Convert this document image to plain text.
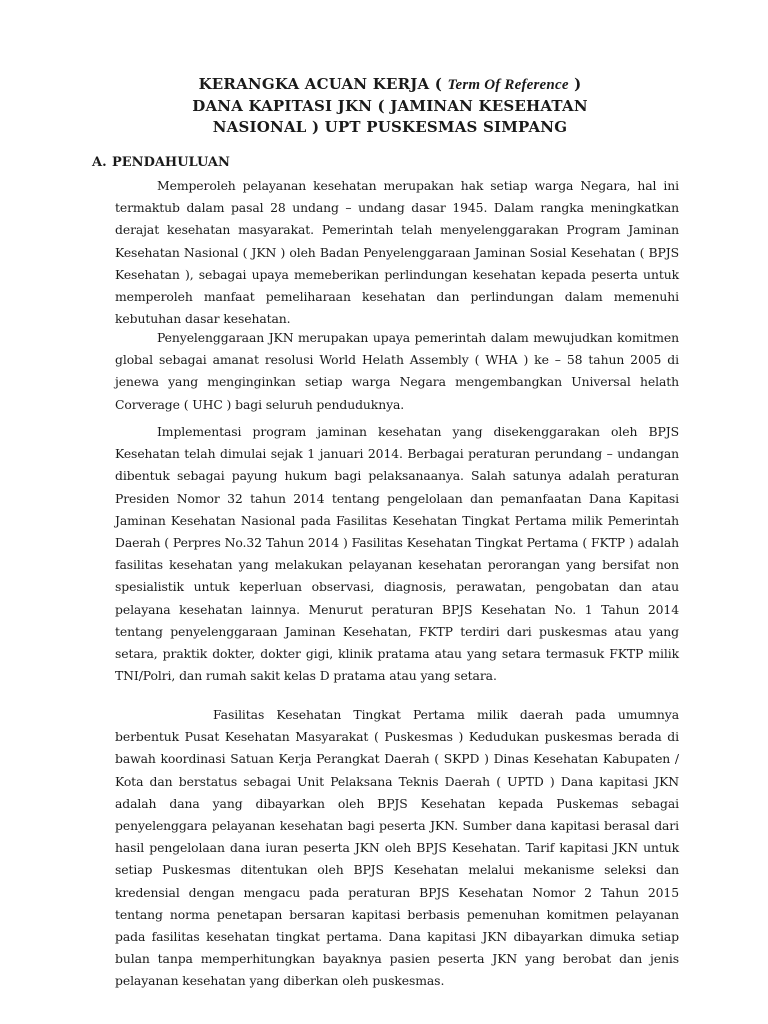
KERANGKA ACUAN KERJA ( Term Of Reference )
DANA KAPITASI JKN ( JAMINAN KESEHATAN
NASIONAL ) UPT PUSKESMAS SIMPANG
A. PENDAHULUAN

Memperoleh pelayanan kesehatan merupakan hak setiap warga Negara, hal ini termaktub dalam pasal 28 undang – undang dasar 1945. Dalam rangka meningkatkan derajat kesehatan masyarakat. Pemerintah telah menyelenggarakan Program Jaminan Kesehatan Nasional ( JKN ) oleh Badan Penyelenggaraan Jaminan Sosial Kesehatan ( BPJS Kesehatan ), sebagai upaya memeberikan perlindungan kesehatan kepada peserta untuk memperoleh manfaat pemeliharaan kesehatan dan perlindungan dalam memenuhi kebutuhan dasar kesehatan.

Penyelenggaraan JKN merupakan upaya pemerintah dalam mewujudkan komitmen global sebagai amanat resolusi World Helath Assembly ( WHA ) ke – 58 tahun 2005 di jenewa yang menginginkan setiap warga Negara mengembangkan Universal helath Corverage ( UHC ) bagi seluruh penduduknya.

Implementasi program jaminan kesehatan yang disekenggarakan oleh BPJS Kesehatan telah dimulai sejak 1 januari 2014. Berbagai peraturan perundang – undangan dibentuk sebagai payung hukum bagi pelaksanaanya. Salah satunya adalah peraturan Presiden Nomor 32 tahun 2014 tentang pengelolaan dan pemanfaatan Dana Kapitasi Jaminan Kesehatan Nasional pada Fasilitas Kesehatan Tingkat Pertama milik Pemerintah Daerah ( Perpres No.32 Tahun 2014 ) Fasilitas Kesehatan Tingkat Pertama ( FKTP ) adalah fasilitas kesehatan yang melakukan pelayanan kesehatan perorangan yang bersifat non spesialistik untuk keperluan observasi, diagnosis, perawatan, pengobatan dan atau pelayana kesehatan lainnya. Menurut peraturan BPJS Kesehatan No. 1 Tahun 2014 tentang penyelenggaraan Jaminan Kesehatan, FKTP terdiri dari puskesmas atau yang setara, praktik dokter, dokter gigi, klinik pratama atau yang setara termasuk FKTP milik TNI/Polri, dan rumah sakit kelas D pratama atau yang setara.

Fasilitas Kesehatan Tingkat Pertama milik daerah pada umumnya berbentuk Pusat Kesehatan Masyarakat ( Puskesmas ) Kedudukan puskesmas berada di bawah koordinasi Satuan Kerja Perangkat Daerah ( SKPD ) Dinas Kesehatan Kabupaten / Kota dan berstatus sebagai Unit Pelaksana Teknis Daerah ( UPTD ) Dana kapitasi JKN adalah dana yang dibayarkan oleh BPJS Kesehatan kepada Puskemas sebagai penyelenggara pelayanan kesehatan bagi peserta JKN. Sumber dana kapitasi berasal dari hasil pengelolaan dana iuran peserta JKN oleh BPJS Kesehatan. Tarif kapitasi JKN untuk setiap Puskesmas ditentukan oleh BPJS Kesehatan melalui mekanisme seleksi dan kredensial dengan mengacu pada peraturan BPJS Kesehatan Nomor 2 Tahun 2015 tentang norma penetapan bersaran kapitasi berbasis pemenuhan komitmen pelayanan pada fasilitas kesehatan tingkat pertama. Dana kapitasi JKN dibayarkan dimuka setiap bulan tanpa memperhitungkan bayaknya pasien peserta JKN yang berobat dan jenis pelayanan kesehatan yang diberkan oleh puskesmas.
